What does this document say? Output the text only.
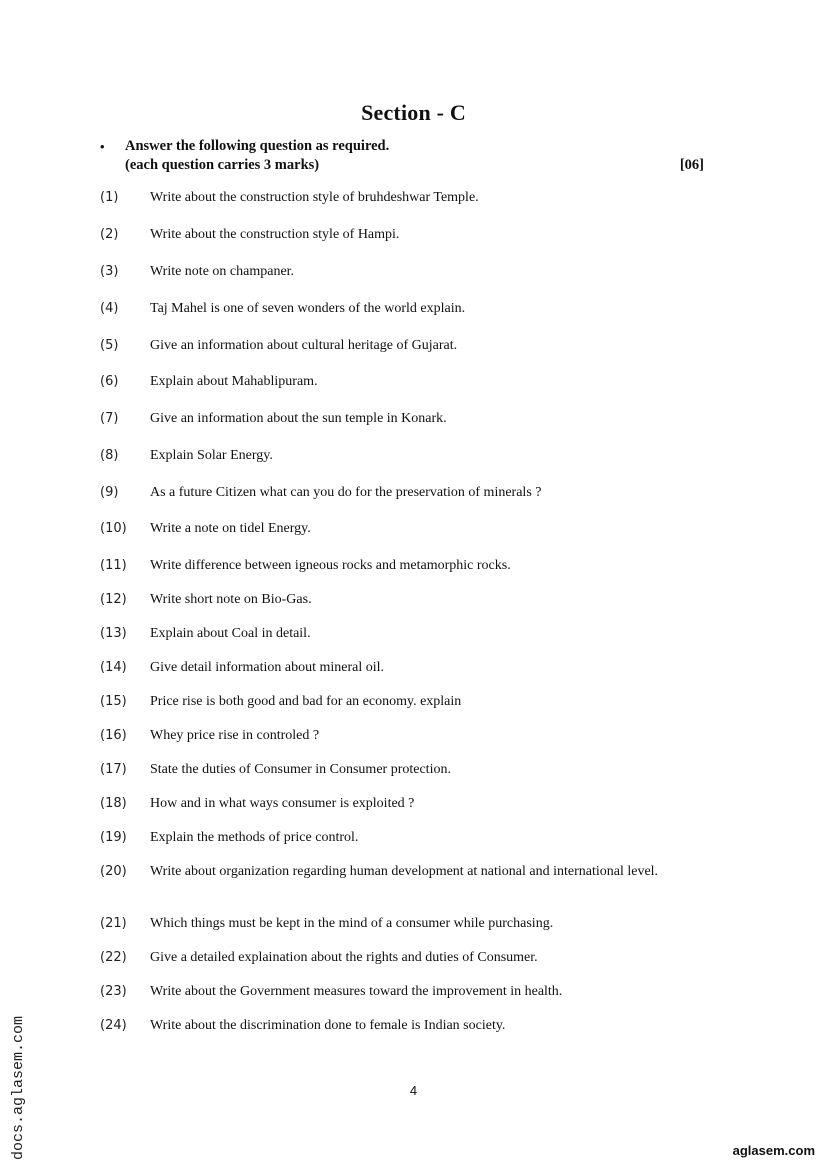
Section - C
• Answer the following question as required.
(each question carries 3 marks)	[06]
(1) Write about the construction style of bruhdeshwar Temple.
(2) Write about the construction style of Hampi.
(3) Write note on champaner.
(4) Taj Mahel is one of seven wonders of the world explain.
(5) Give an information about cultural heritage of Gujarat.
(6) Explain about Mahablipuram.
(7) Give an information about the sun temple in Konark.
(8) Explain Solar Energy.
(9) As a future Citizen what can you do for the preservation of minerals ?
(10) Write a note on tidel Energy.
(11) Write difference between igneous rocks and metamorphic rocks.
(12) Write short note on Bio-Gas.
(13) Explain about Coal in detail.
(14) Give detail information about mineral oil.
(15) Price rise is both good and bad for an economy. explain
(16) Whey price rise in controled ?
(17) State the duties of Consumer in Consumer protection.
(18) How and in what ways consumer is exploited ?
(19) Explain the methods of price control.
(20) Write about organization regarding human development at national and international level.
(21) Which things must be kept in the mind of a consumer while purchasing.
(22) Give a detailed explaination about the rights and duties of Consumer.
(23) Write about the Government measures toward the improvement in health.
(24) Write about the discrimination done to female is Indian society.
4
docs.aglasem.com	aglasem.com
